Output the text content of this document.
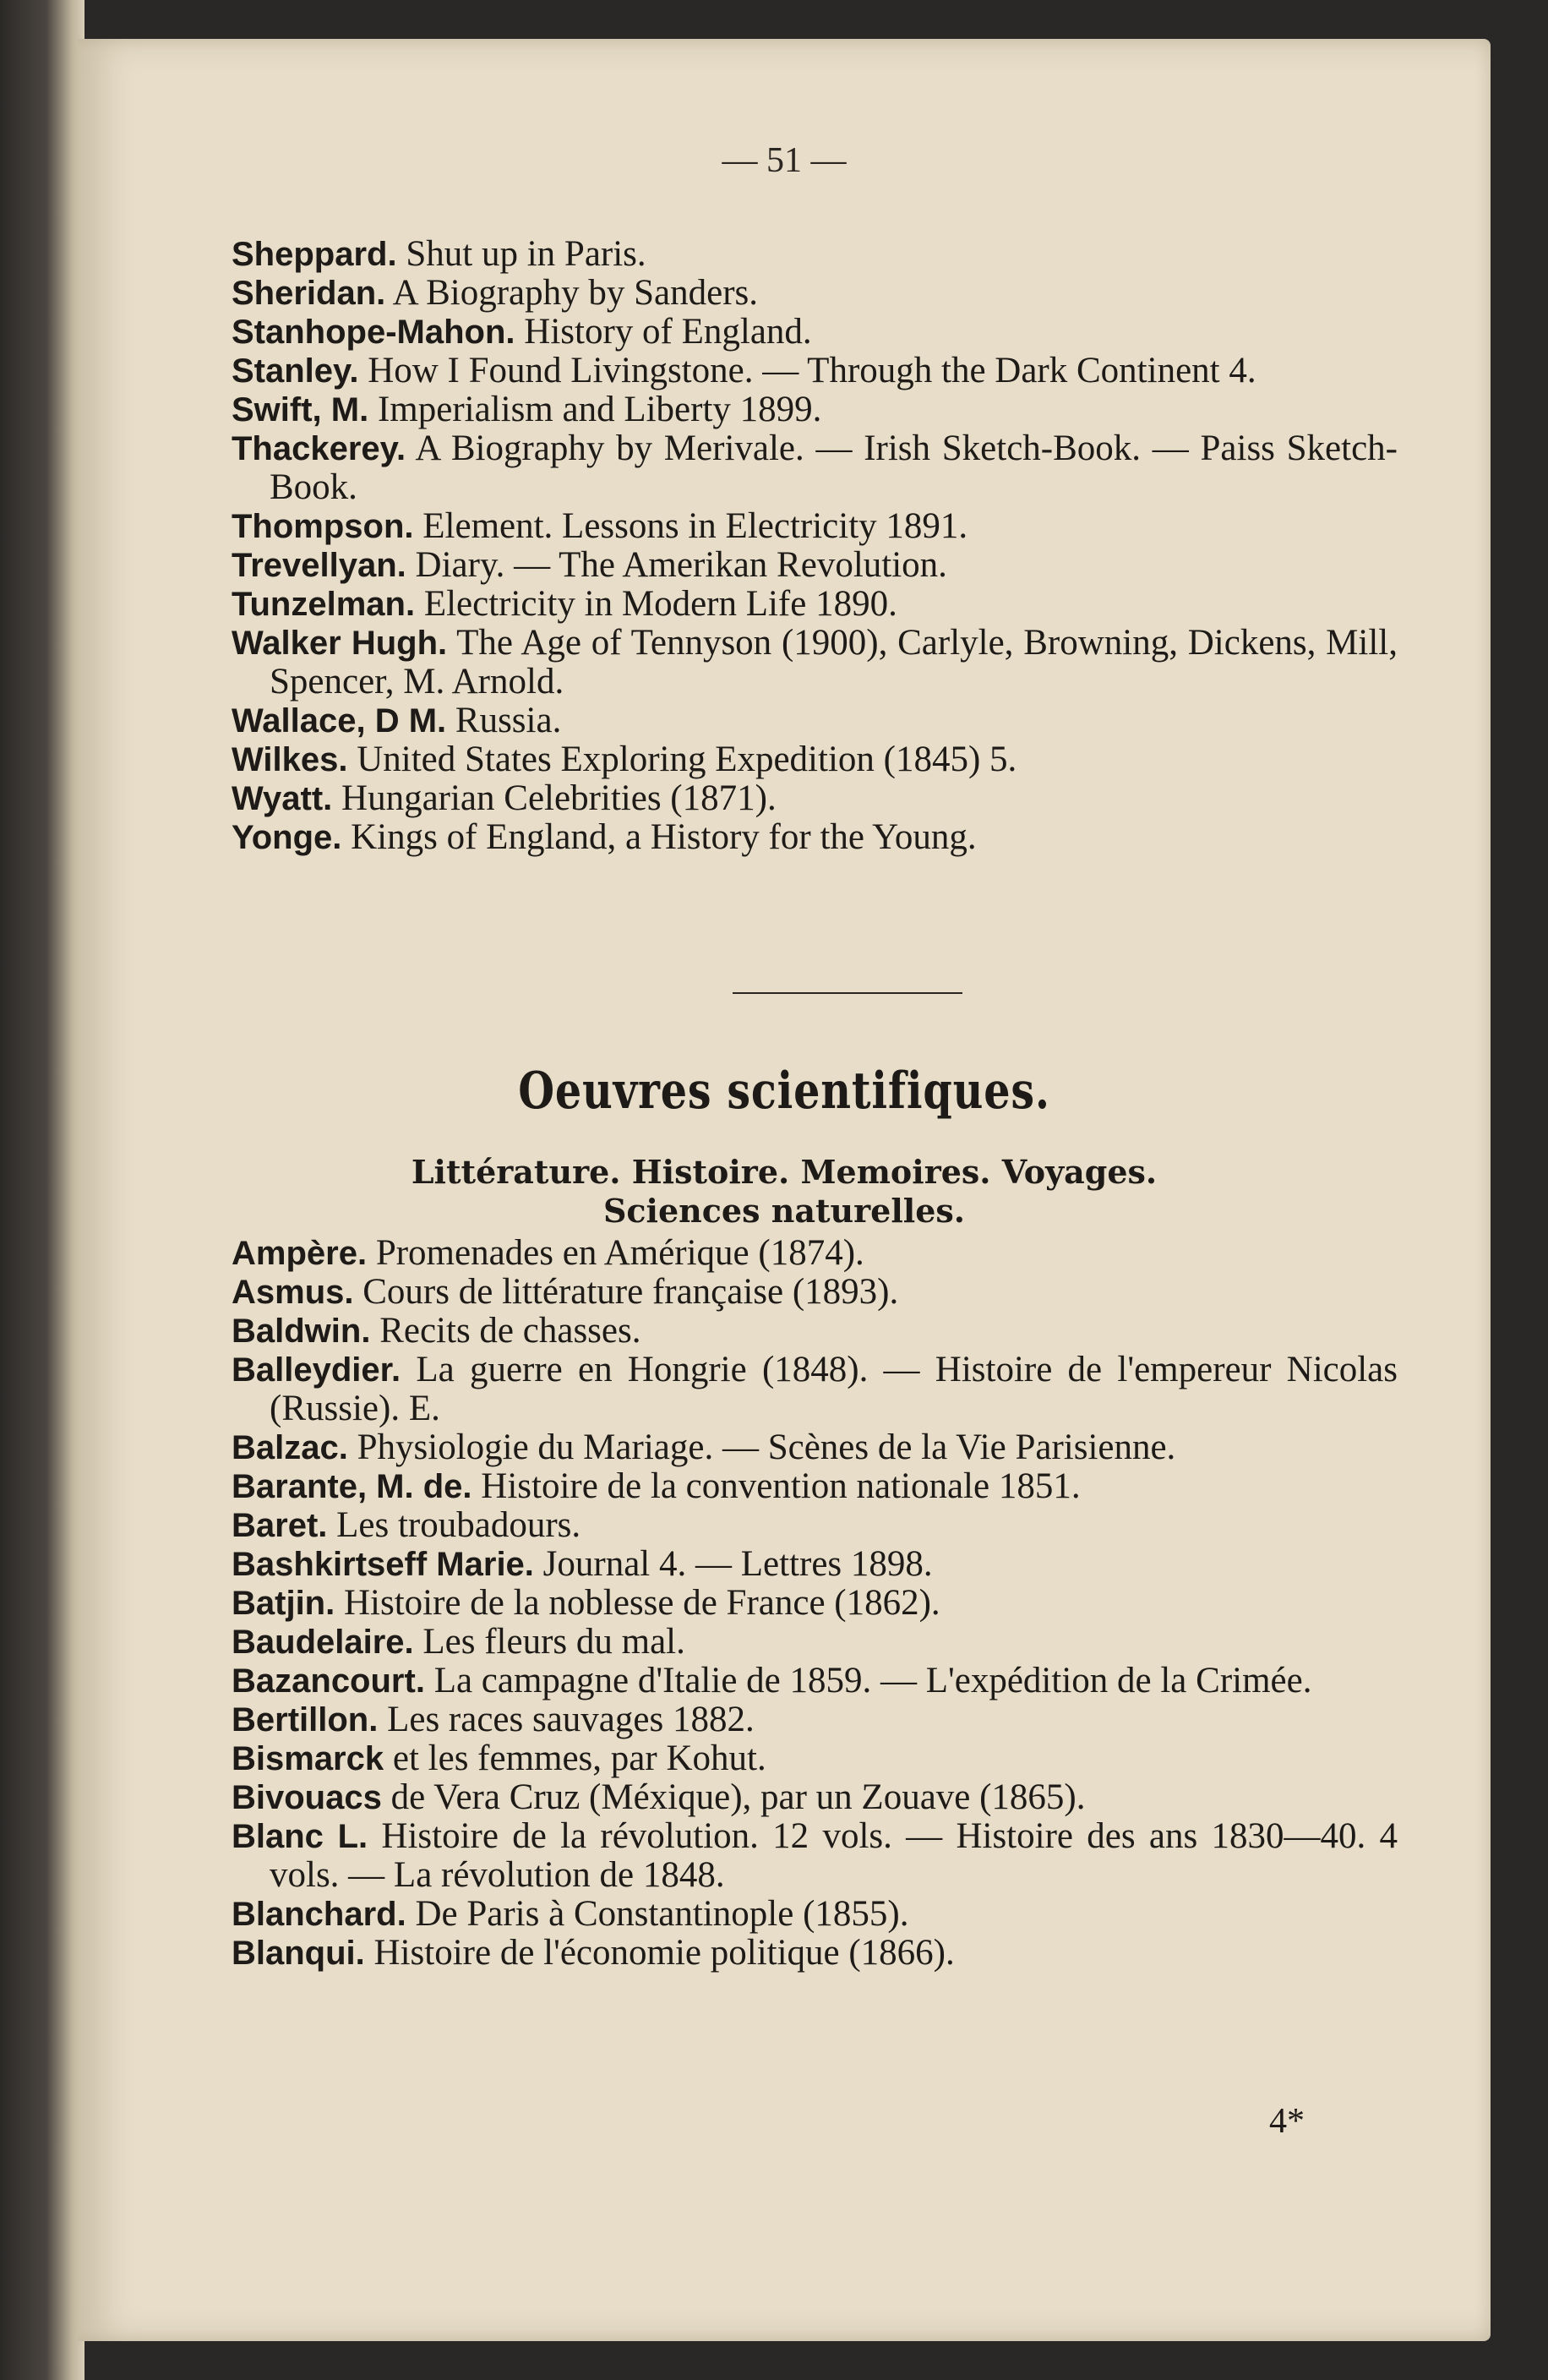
— 51 —

Sheppard. Shut up in Paris.

Sheridan. A Biography by Sanders.

Stanhope-Mahon. History of England.

Stanley. How I Found Livingstone. — Through the Dark Continent 4.

Swift, M. Imperialism and Liberty 1899.

Thackerey. A Biography by Merivale. — Irish Sketch-Book. — Paiss Sketch-Book.

Thompson. Element. Lessons in Electricity 1891.

Trevellyan. Diary. — The Amerikan Revolution.

Tunzelman. Electricity in Modern Life 1890.

Walker Hugh. The Age of Tennyson (1900), Carlyle, Browning, Dickens, Mill, Spencer, M. Arnold.

Wallace, D M. Russia.

Wilkes. United States Exploring Expedition (1845) 5.

Wyatt. Hungarian Celebrities (1871).

Yonge. Kings of England, a History for the Young.

Oeuvres scientifiques.
Littérature. Histoire. Memoires. Voyages.
Sciences naturelles.

Ampère. Promenades en Amérique (1874).

Asmus. Cours de littérature française (1893).

Baldwin. Recits de chasses.

Balleydier. La guerre en Hongrie (1848). — Histoire de l'empereur Nicolas (Russie). E.

Balzac. Physiologie du Mariage. — Scènes de la Vie Parisienne.

Barante, M. de. Histoire de la convention nationale 1851.

Baret. Les troubadours.

Bashkirtseff Marie. Journal 4. — Lettres 1898.

Batjin. Histoire de la noblesse de France (1862).

Baudelaire. Les fleurs du mal.

Bazancourt. La campagne d'Italie de 1859. — L'expédition de la Crimée.

Bertillon. Les races sauvages 1882.

Bismarck et les femmes, par Kohut.

Bivouacs de Vera Cruz (Méxique), par un Zouave (1865).

Blanc L. Histoire de la révolution. 12 vols. — Histoire des ans 1830—40. 4 vols. — La révolution de 1848.

Blanchard. De Paris à Constantinople (1855).

Blanqui. Histoire de l'économie politique (1866).

4*
